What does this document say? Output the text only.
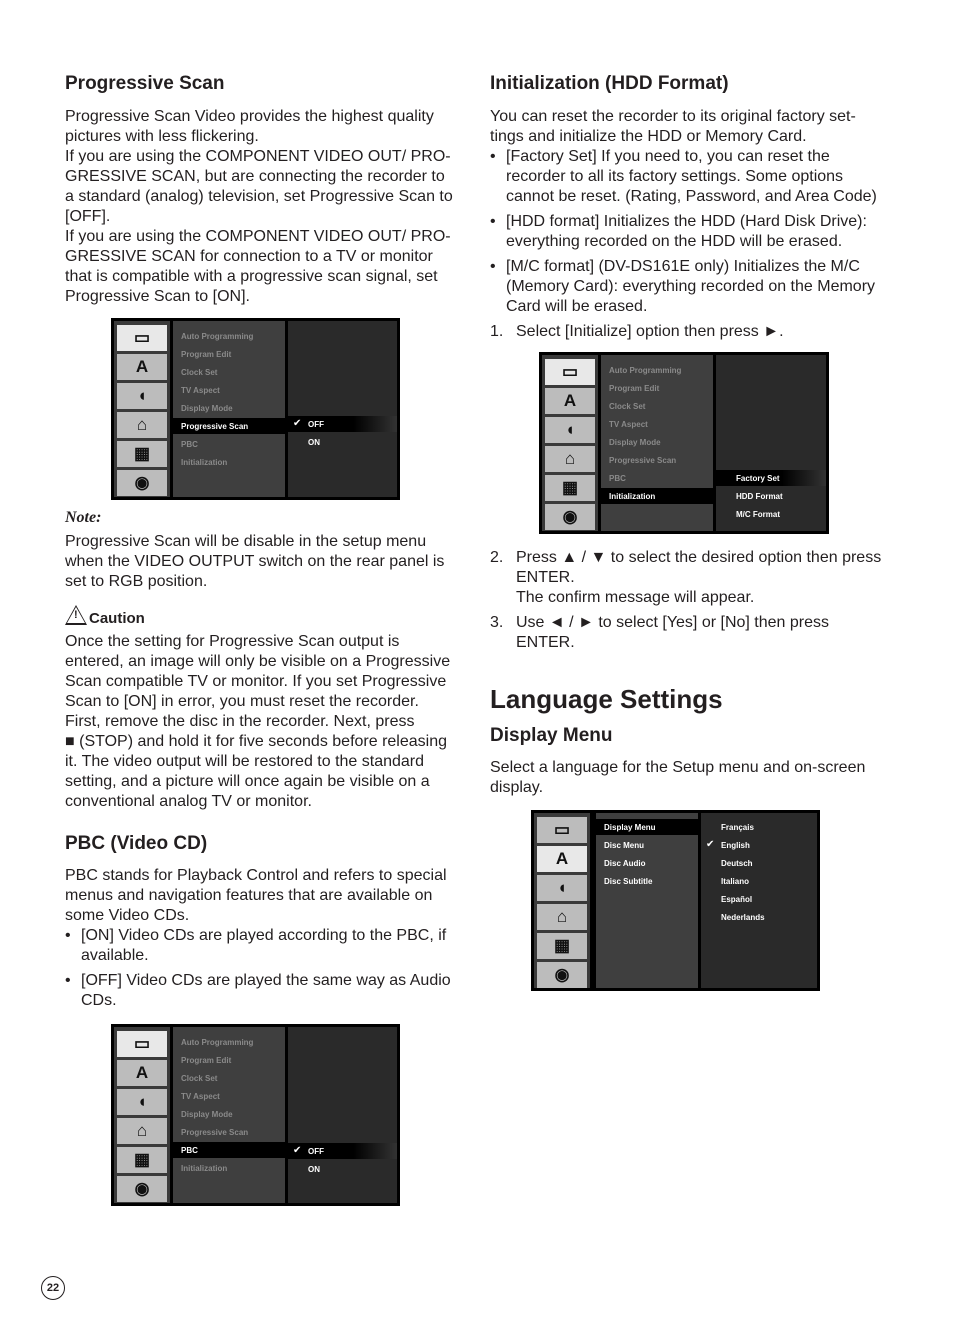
Progressive Scan
Progressive Scan Video provides the highest quality
pictures with less flickering.
If you are using the COMPONENT VIDEO OUT/ PRO-
GRESSIVE SCAN, but are connecting the recorder to
a standard (analog) television, set Progressive Scan to
[OFF].
If you are using the COMPONENT VIDEO OUT/ PRO-
GRESSIVE SCAN for connection to a TV or monitor
that is compatible with a progressive scan signal, set
Progressive Scan to [ON].
▭
A
◖
⌂
▦
◉
Auto Programming
Program Edit
Clock Set
TV Aspect
Display Mode
Progressive Scan
PBC
Initialization
✔ OFF
ON
Note:
Progressive Scan will be disable in the setup menu
when the VIDEO OUTPUT switch on the rear panel is
set to RGB position.
!Caution
Once the setting for Progressive Scan output is
entered, an image will only be visible on a Progressive
Scan compatible TV or monitor. If you set Progressive
Scan to [ON] in error, you must reset the recorder.
First, remove the disc in the recorder. Next, press
■ (STOP) and hold it for five seconds before releasing
it. The video output will be restored to the standard
setting, and a picture will once again be visible on a
conventional analog TV or monitor.
PBC (Video CD)
PBC stands for Playback Control and refers to special
menus and navigation features that are available on
some Video CDs.
• [ON] Video CDs are played according to the PBC, if
available.
• [OFF] Video CDs are played the same way as Audio
CDs.
▭
A
◖
⌂
▦
◉
Auto Programming
Program Edit
Clock Set
TV Aspect
Display Mode
Progressive Scan
PBC
Initialization
✔ OFF
ON
Initialization (HDD Format)
You can reset the recorder to its original factory set-
tings and initialize the HDD or Memory Card.
• [Factory Set] If you need to, you can reset the
recorder to all its factory settings. Some options
cannot be reset. (Rating, Password, and Area Code)
• [HDD format] Initializes the HDD (Hard Disk Drive):
everything recorded on the HDD will be erased.
• [M/C format] (DV-DS161E only) Initializes the M/C
(Memory Card): everything recorded on the Memory
Card will be erased.
1. Select [Initialize] option then press ►.
▭
A
◖
⌂
▦
◉
Auto Programming
Program Edit
Clock Set
TV Aspect
Display Mode
Progressive Scan
PBC
Initialization
Factory Set
HDD Format
M/C Format
2. Press ▲ / ▼ to select the desired option then press
ENTER.
The confirm message will appear.
3. Use ◄ / ► to select [Yes] or [No] then press
ENTER.
Language Settings
Display Menu
Select a language for the Setup menu and on-screen
display.
▭
A
◖
⌂
▦
◉
Display Menu
Disc Menu
Disc Audio
Disc Subtitle
Français
✔ English
Deutsch
Italiano
Español
Nederlands
22
